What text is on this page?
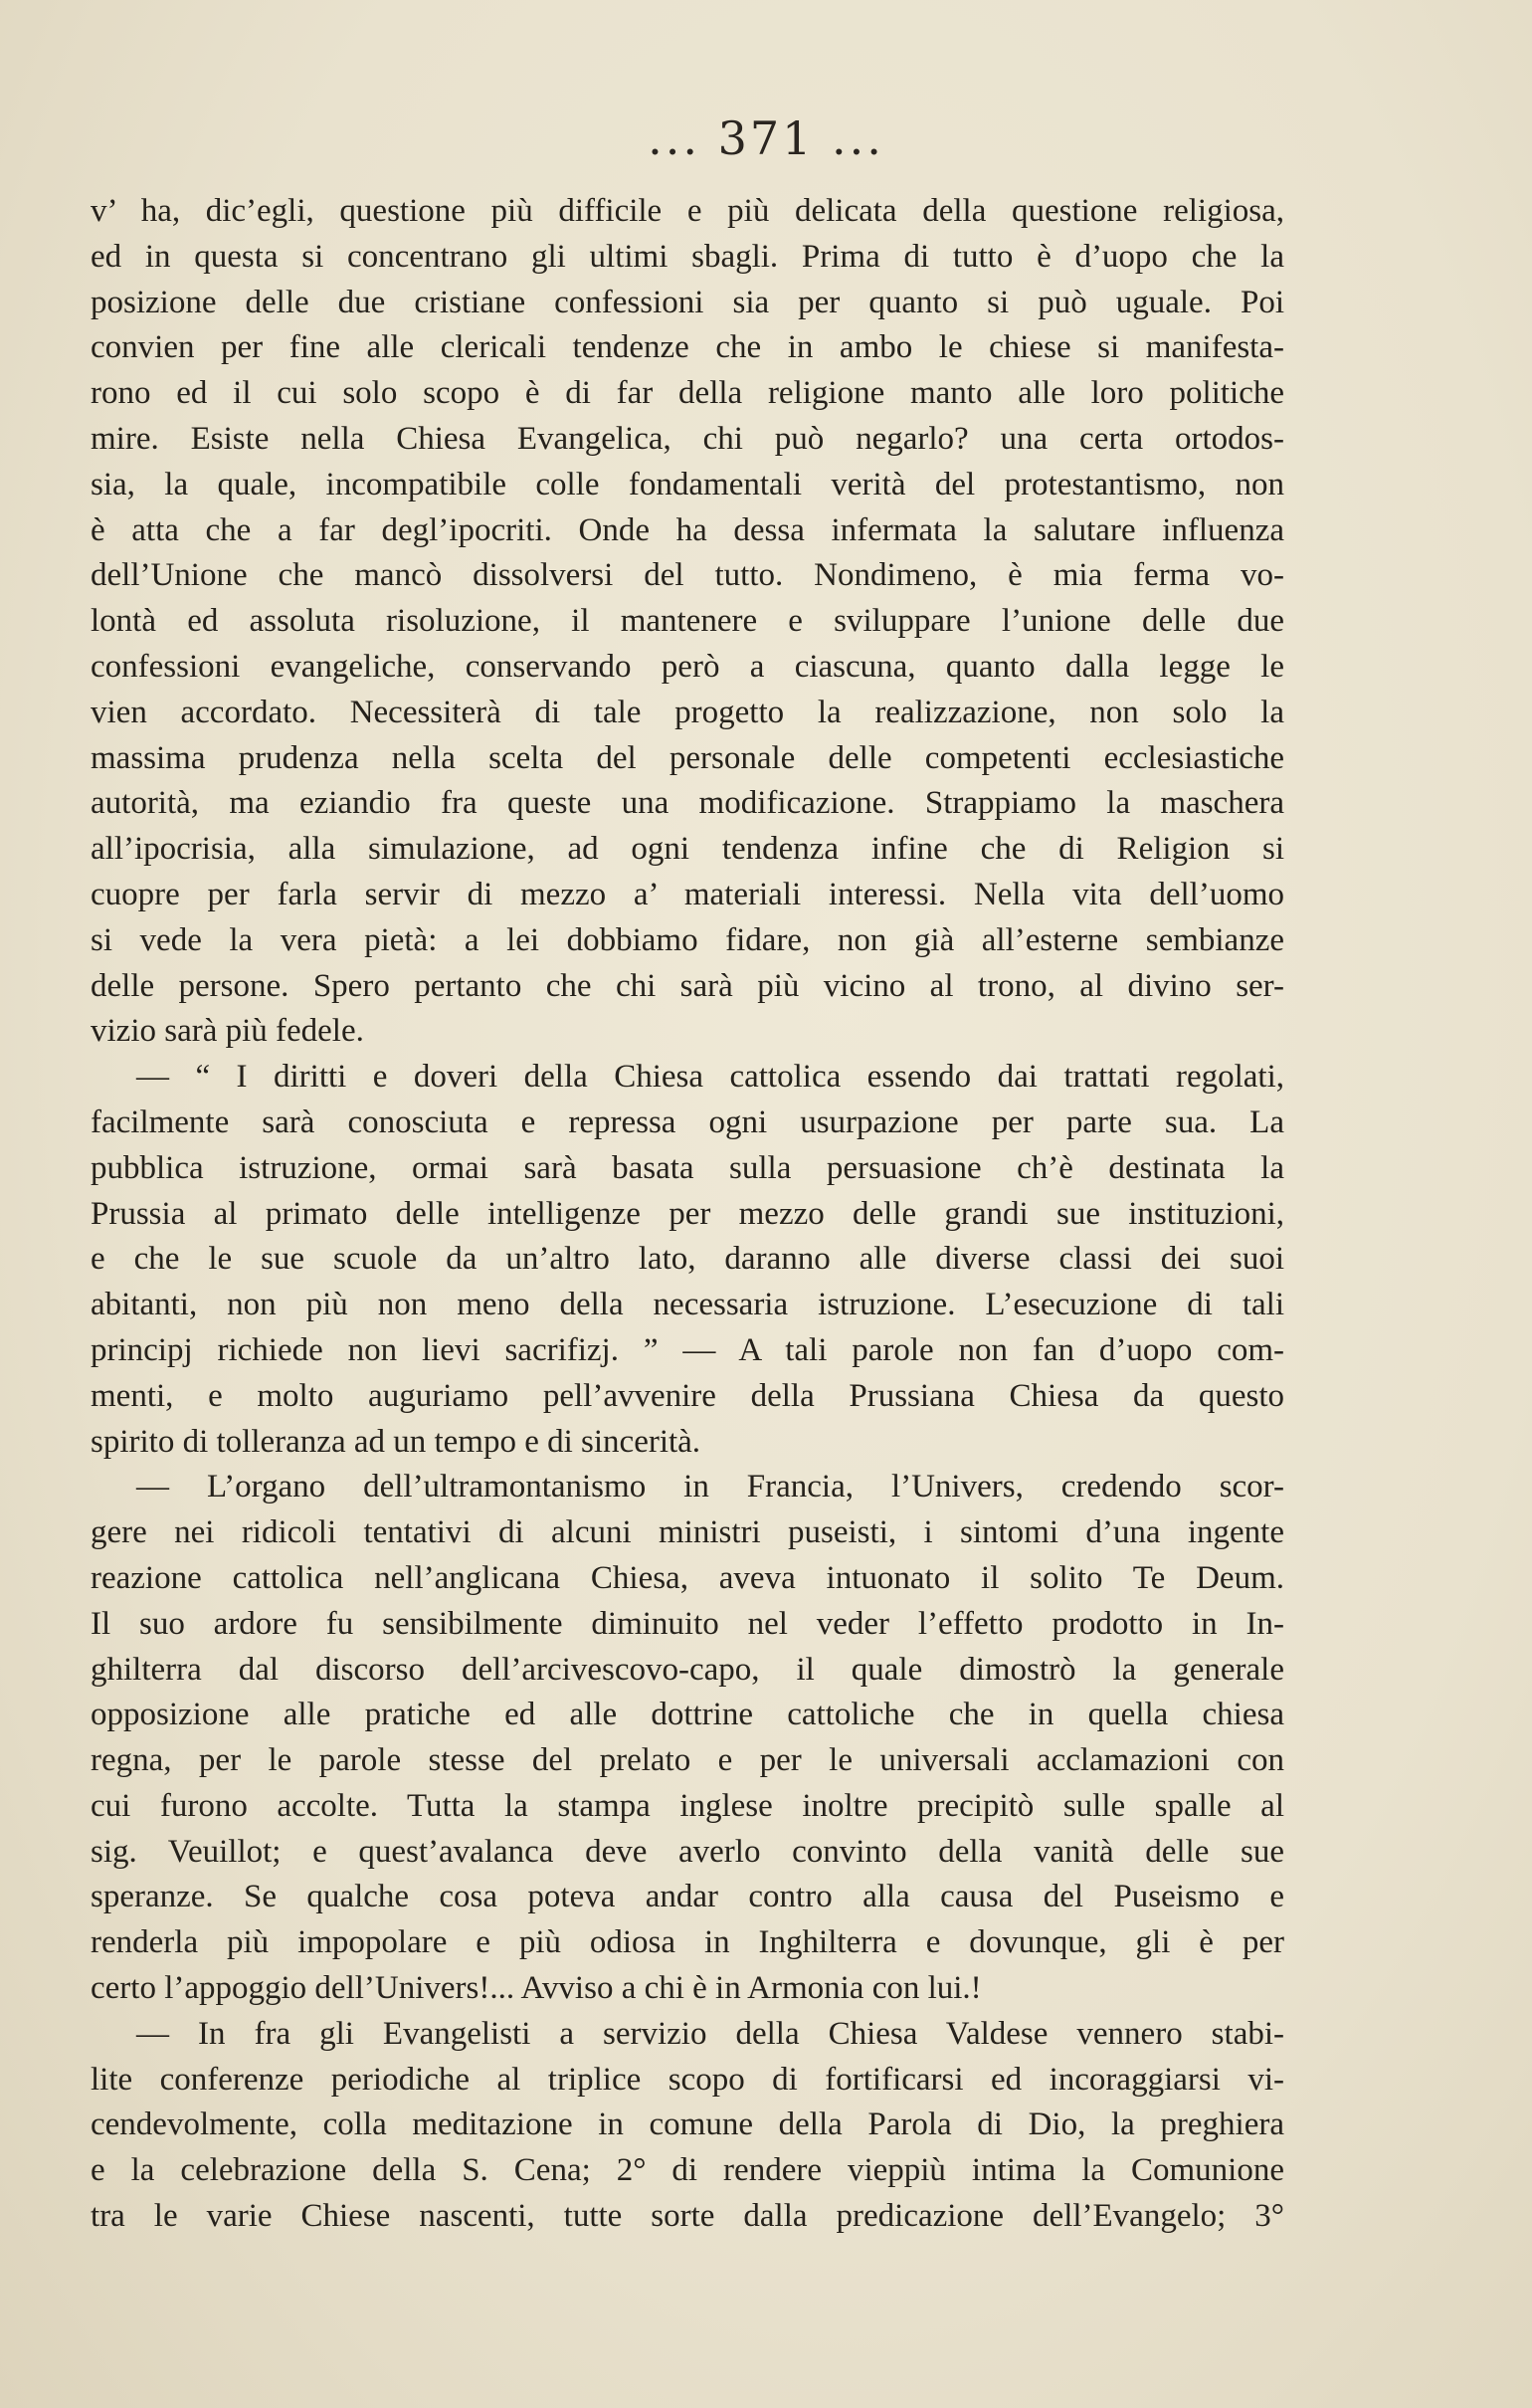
... 371 ...
v’ ha, dic’egli, questione più difficile e più delicata della questione religiosa,
ed in questa si concentrano gli ultimi sbagli. Prima di tutto è d’uopo che la
posizione delle due cristiane confessioni sia per quanto si può uguale. Poi
convien per fine alle clericali tendenze che in ambo le chiese si manifesta-
rono ed il cui solo scopo è di far della religione manto alle loro politiche
mire. Esiste nella Chiesa Evangelica, chi può negarlo? una certa ortodos-
sia, la quale, incompatibile colle fondamentali verità del protestantismo, non
è atta che a far degl’ipocriti. Onde ha dessa infermata la salutare influenza
dell’Unione che mancò dissolversi del tutto. Nondimeno, è mia ferma vo-
lontà ed assoluta risoluzione, il mantenere e sviluppare l’unione delle due
confessioni evangeliche, conservando però a ciascuna, quanto dalla legge le
vien accordato. Necessiterà di tale progetto la realizzazione, non solo la
massima prudenza nella scelta del personale delle competenti ecclesiastiche
autorità, ma eziandio fra queste una modificazione. Strappiamo la maschera
all’ipocrisia, alla simulazione, ad ogni tendenza infine che di Religion si
cuopre per farla servir di mezzo a’ materiali interessi. Nella vita dell’uomo
si vede la vera pietà: a lei dobbiamo fidare, non già all’esterne sembianze
delle persone. Spero pertanto che chi sarà più vicino al trono, al divino ser-
vizio sarà più fedele.
— “ I diritti e doveri della Chiesa cattolica essendo dai trattati regolati,
facilmente sarà conosciuta e repressa ogni usurpazione per parte sua. La
pubblica istruzione, ormai sarà basata sulla persuasione ch’è destinata la
Prussia al primato delle intelligenze per mezzo delle grandi sue instituzioni,
e che le sue scuole da un’altro lato, daranno alle diverse classi dei suoi
abitanti, non più non meno della necessaria istruzione. L’esecuzione di tali
principj richiede non lievi sacrifizj. ” — A tali parole non fan d’uopo com-
menti, e molto auguriamo pell’avvenire della Prussiana Chiesa da questo
spirito di tolleranza ad un tempo e di sincerità.
— L’organo dell’ultramontanismo in Francia, l’Univers, credendo scor-
gere nei ridicoli tentativi di alcuni ministri puseisti, i sintomi d’una ingente
reazione cattolica nell’anglicana Chiesa, aveva intuonato il solito Te Deum.
Il suo ardore fu sensibilmente diminuito nel veder l’effetto prodotto in In-
ghilterra dal discorso dell’arcivescovo-capo, il quale dimostrò la generale
opposizione alle pratiche ed alle dottrine cattoliche che in quella chiesa
regna, per le parole stesse del prelato e per le universali acclamazioni con
cui furono accolte. Tutta la stampa inglese inoltre precipitò sulle spalle al
sig. Veuillot; e quest’avalanca deve averlo convinto della vanità delle sue
speranze. Se qualche cosa poteva andar contro alla causa del Puseismo e
renderla più impopolare e più odiosa in Inghilterra e dovunque, gli è per
certo l’appoggio dell’Univers!... Avviso a chi è in Armonia con lui.!
— In fra gli Evangelisti a servizio della Chiesa Valdese vennero stabi-
lite conferenze periodiche al triplice scopo di fortificarsi ed incoraggiarsi vi-
cendevolmente, colla meditazione in comune della Parola di Dio, la preghiera
e la celebrazione della S. Cena; 2° di rendere vieppiù intima la Comunione
tra le varie Chiese nascenti, tutte sorte dalla predicazione dell’Evangelo; 3°
